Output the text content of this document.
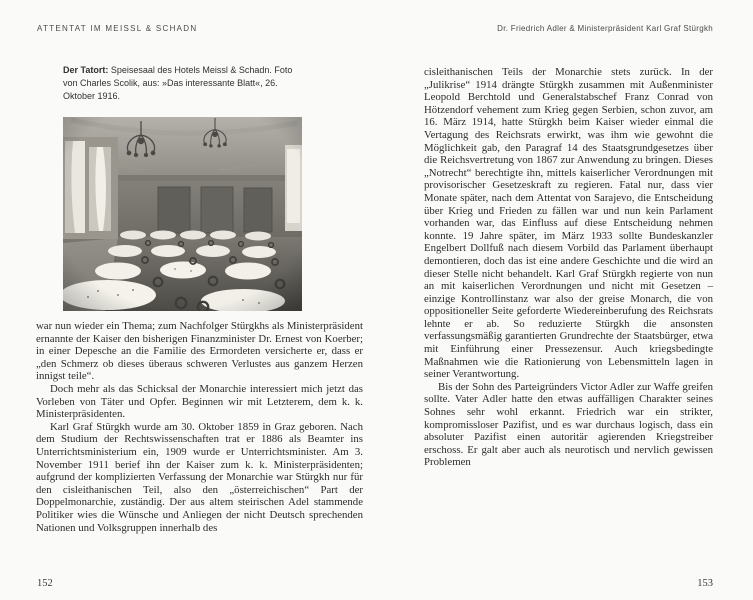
ATTENTAT IM MEISSL & SCHADN	Dr. Friedrich Adler & Ministerpräsident Karl Graf Stürgkh
Der Tatort: Speisesaal des Hotels Meissl & Schadn. Foto von Charles Scolik, aus: »Das interessante Blatt«, 26. Oktober 1916.

war nun wieder ein Thema; zum Nachfolger Stürgkhs als Ministerpräsident ernannte der Kaiser den bisherigen Finanzminister Dr. Ernest von Koerber; in einer Depesche an die Familie des Ermordeten versicherte er, dass er „den Schmerz ob dieses überaus schweren Verlustes aus ganzem Herzen innigst teile“.

Doch mehr als das Schicksal der Monarchie interessiert mich jetzt das Vorleben von Täter und Opfer. Beginnen wir mit Letzterem, dem k. k. Ministerpräsidenten.

Karl Graf Stürgkh wurde am 30. Oktober 1859 in Graz geboren. Nach dem Studium der Rechtswissenschaften trat er 1886 als Beamter ins Unterrichtsministerium ein, 1909 wurde er Unterrichtsminister. Am 3. November 1911 berief ihn der Kaiser zum k. k. Ministerpräsidenten; aufgrund der komplizierten Verfassung der Monarchie war Stürgkh nur für den cisleithanischen Teil, also den „österreichischen“ Part der Doppelmonarchie, zuständig. Der aus altem steirischen Adel stammende Politiker wies die Wünsche und Anliegen der nicht Deutsch sprechenden Nationen und Volksgruppen innerhalb des

cisleithanischen Teils der Monarchie stets zurück. In der „Julikrise“ 1914 drängte Stürgkh zusammen mit Außenminister Leopold Berchtold und Generalstabschef Franz Conrad von Hötzendorf vehement zum Krieg gegen Serbien, schon zuvor, am 16. März 1914, hatte Stürgkh beim Kaiser wieder einmal die Vertagung des Reichsrats erwirkt, was ihm wie gewohnt die Möglichkeit gab, den Paragraf 14 des Staatsgrundgesetzes über die Reichsvertretung von 1867 zur Anwendung zu bringen. Dieses „Notrecht“ berechtigte ihn, mittels kaiserlicher Verordnungen mit provisorischer Gesetzeskraft zu regieren. Fatal nur, dass vier Monate später, nach dem Attentat von Sarajevo, die Entscheidung über Krieg und Frieden zu fällen war und nun kein Parlament vorhanden war, das Einfluss auf diese Entscheidung nehmen konnte. 19 Jahre später, im März 1933 sollte Bundeskanzler Engelbert Dollfuß nach diesem Vorbild das Parlament überhaupt demontieren, doch das ist eine andere Geschichte und die wird an dieser Stelle nicht behandelt. Karl Graf Stürgkh regierte von nun an mit kaiserlichen Verordnungen und nicht mit Gesetzen – einzige Kontrollinstanz war also der greise Monarch, die von oppositioneller Seite geforderte Wiedereinberufung des Reichsrats lehnte er ab. So reduzierte Stürgkh die ansonsten verfassungsmäßig garantierten Grundrechte der Staatsbürger, etwa mit Einführung einer Pressezensur. Auch kriegsbedingte Maßnahmen wie die Rationierung von Lebensmitteln lagen in seiner Verantwortung.

Bis der Sohn des Parteigründers Victor Adler zur Waffe greifen sollte. Vater Adler hatte den etwas auffälligen Charakter seines Sohnes sehr wohl erkannt. Friedrich war ein strikter, kompromissloser Pazifist, und es war durchaus logisch, dass ein absoluter Pazifist einen autoritär agierenden Kriegstreiber erschoss. Er galt aber auch als neurotisch und nervlich gewissen Problemen

152	153
